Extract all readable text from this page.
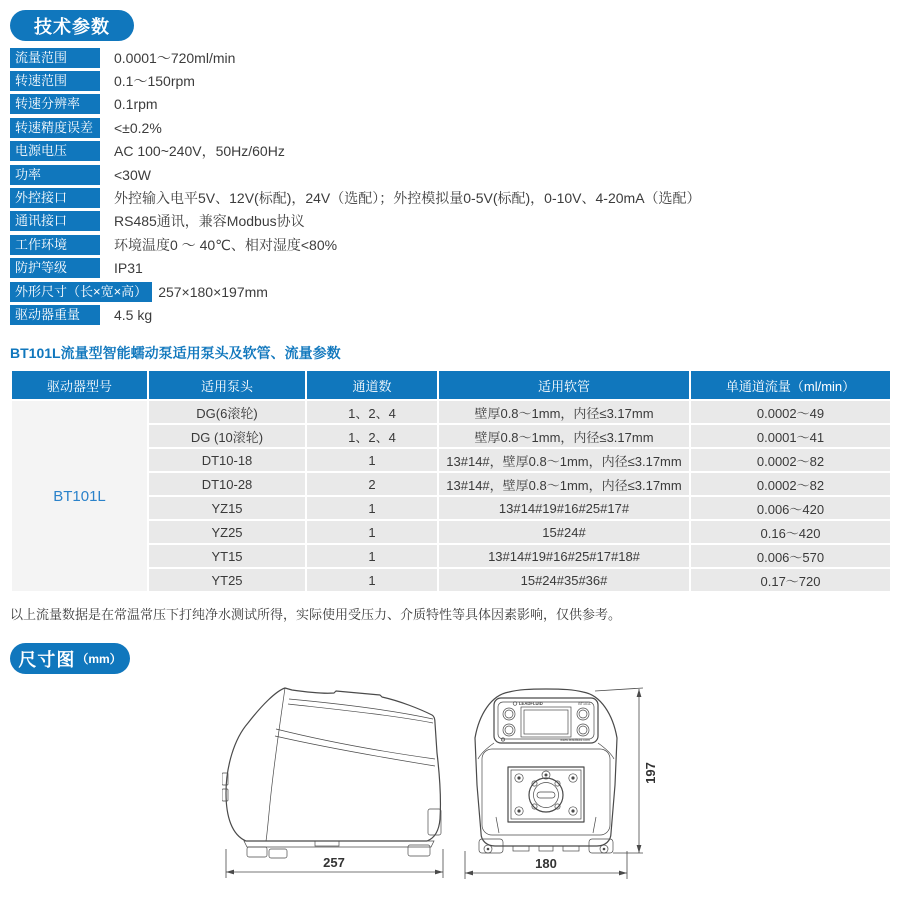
技术参数
流量范围	0.0001～720ml/min
转速范围	0.1～150rpm
转速分辨率	0.1rpm
转速精度误差	<±0.2%
电源电压	AC 100~240V，50Hz/60Hz
功率	<30W
外控接口	外控输入电平5V、12V(标配)，24V（选配）；外控模拟量0-5V(标配)，0-10V、4-20mA（选配）
通讯接口	RS485通讯，兼容Modbus协议
工作环境	环境温度0 ～ 40℃、相对湿度<80%
防护等级	IP31
外形尺寸（长×宽×高） 257×180×197mm
驱动器重量	4.5 kg
BT101L流量型智能蠕动泵适用泵头及软管、流量参数
驱动器型号	适用泵头	通道数	适用软管	单通道流量（ml/min）
BT101L	DG(6滚轮)	1、2、4	壁厚0.8～1mm，内径≤3.17mm	0.0002～49
	DG (10滚轮)	1、2、4	壁厚0.8～1mm，内径≤3.17mm	0.0001～41
	DT10-18	1	13#14#，壁厚0.8～1mm，内径≤3.17mm	0.0002～82
	DT10-28	2	13#14#，壁厚0.8～1mm，内径≤3.17mm	0.0002～82
	YZ15	1	13#14#19#16#25#17#	0.006～420
	YZ25	1	15#24#	0.16～420
	YT15	1	13#14#19#16#25#17#18#	0.006～570
	YT25	1	15#24#35#36#	0.17～720
以上流量数据是在常温常压下打纯净水测试所得，实际使用受压力、介质特性等具体因素影响，仅供参考。
尺寸图 （mm）
257
LEADFLUID	BT101L
www.leadfluid.com
180
197
